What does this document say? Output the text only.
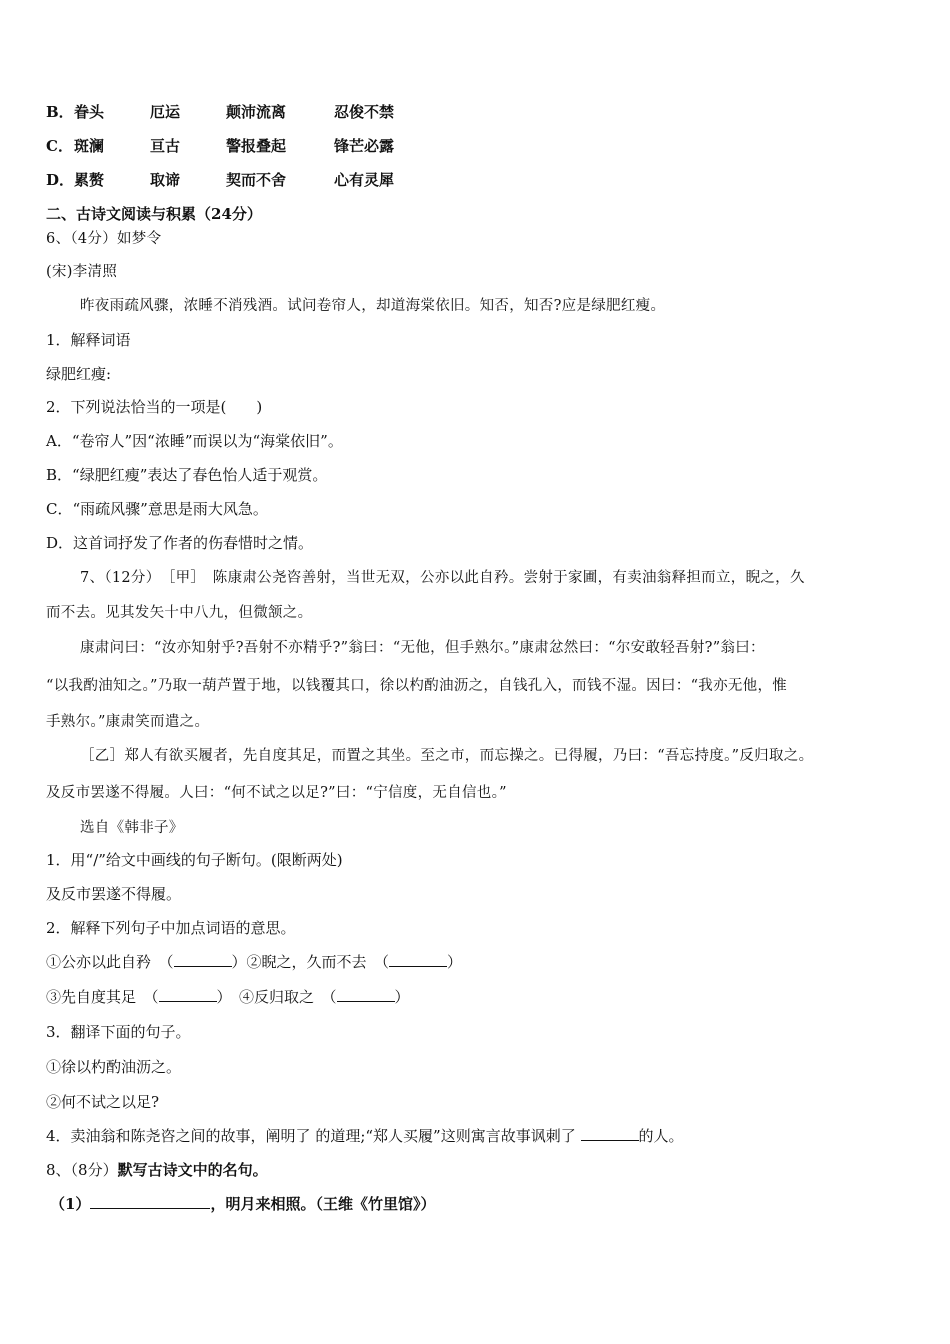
B．眷头	厄运	颠沛流离	忍俊不禁
C．斑澜	亘古	警报叠起	锋芒必露
D．累赘	取谛	契而不舍	心有灵犀
二、古诗文阅读与积累（24分）
6、（4分）如梦令
(宋)李清照
昨夜雨疏风骤，浓睡不消残酒。试问卷帘人，却道海棠依旧。知否，知否?应是绿肥红瘦。
1．解释词语
绿肥红瘦:
2．下列说法恰当的一项是(　　)
A．“卷帘人”因“浓睡”而误以为“海棠依旧”。
B．“绿肥红瘦”表达了春色怡人适于观赏。
C．“雨疏风骤”意思是雨大风急。
D．这首词抒发了作者的伤春惜时之情。
7、（12分）　［甲］　陈康肃公尧咨善射，当世无双，公亦以此自矜。尝射于家圃，有卖油翁释担而立，睨之，久
而不去。见其发矢十中八九，但微颔之。
康肃问曰：“汝亦知射乎?吾射不亦精乎?”翁曰：“无他，但手熟尔。”康肃忿然曰：“尔安敢轻吾射?”翁曰：
“以我酌油知之。”乃取一葫芦置于地，以钱覆其口，徐以杓酌油沥之，自钱孔入，而钱不湿。因曰：“我亦无他，惟
手熟尔。”康肃笑而遣之。
［乙］郑人有欲买履者，先自度其足，而置之其坐。至之市，而忘操之。已得履，乃曰：“吾忘持度。”反归取之。
及反市罢遂不得履。人曰：“何不试之以足?”曰：“宁信度，无自信也。”
选自《韩非子》
1．用“/”给文中画线的句子断句。(限断两处)
及反市罢遂不得履。
2．解释下列句子中加点词语的意思。
①公亦以此自矜　（	）②睨之，久而不去　（	）
③先自度其足　（	）　④反归取之　（	）
3．翻译下面的句子。
①徐以杓酌油沥之。
②何不试之以足?
4．卖油翁和陈尧咨之间的故事，阐明了 的道理;“郑人买履”这则寓言故事讽刺了	的人。
8、（8分）默写古诗文中的名句。
（1）	，明月来相照。（王维《竹里馆》）
